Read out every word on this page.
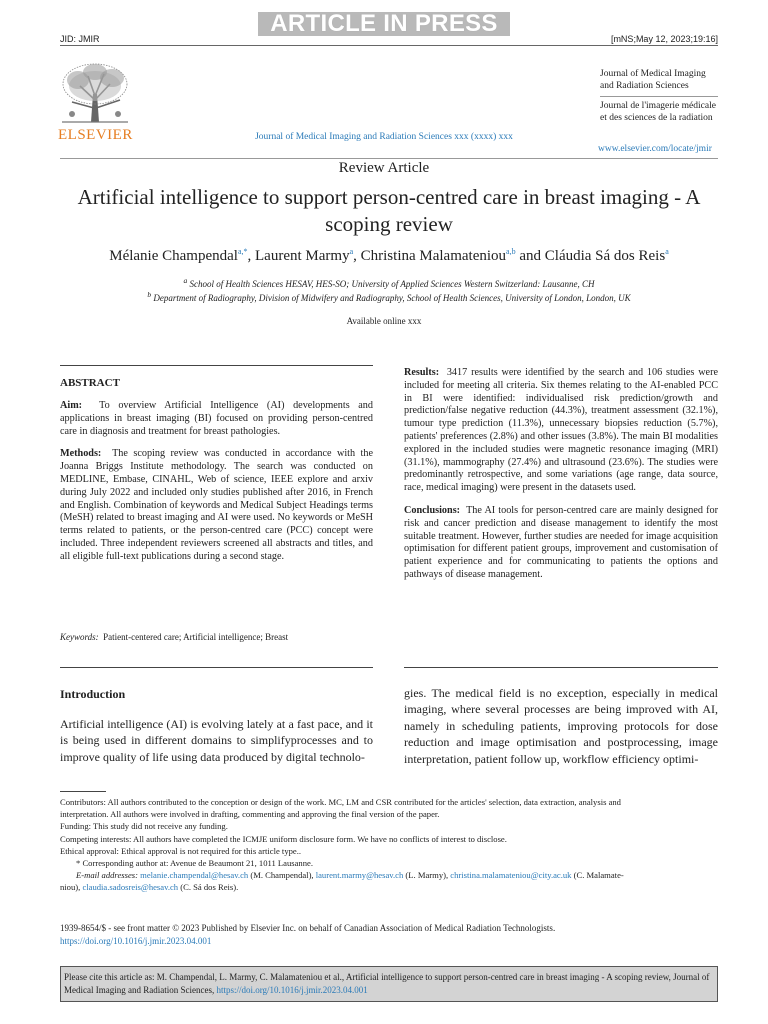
ARTICLE IN PRESS
JID: JMIR	[mNS;May 12, 2023;19:16]
ELSEVIER	Journal of Medical Imaging and Radiation Sciences xxx (xxxx) xxx
Journal of Medical Imaging and Radiation Sciences
Journal de l'imagerie médicale et des sciences de la radiation
www.elsevier.com/locate/jmir
Review Article
Artificial intelligence to support person-centred care in breast imaging - A scoping review
Mélanie Champendal$^{a,*}$, Laurent Marmy$^a$, Christina Malamateniou$^{a,b}$ and Cláudia Sá dos Reis$^a$
$^a$ School of Health Sciences HESAV, HES-SO; University of Applied Sciences Western Switzerland: Lausanne, CH
$^b$ Department of Radiography, Division of Midwifery and Radiography, School of Health Sciences, University of London, London, UK
Available online xxx
ABSTRACT

Aim: To overview Artificial Intelligence (AI) developments and applications in breast imaging (BI) focused on providing person-centred care in diagnosis and treatment for breast pathologies.

Methods: The scoping review was conducted in accordance with the Joanna Briggs Institute methodology. The search was conducted on MEDLINE, Embase, CINAHL, Web of science, IEEE explore and arxiv during July 2022 and included only studies published after 2016, in French and English. Combination of keywords and Medical Subject Headings terms (MeSH) related to breast imaging and AI were used. No keywords or MeSH terms related to patients, or the person-centred care (PCC) concept were included. Three independent reviewers screened all abstracts and titles, and all eligible full-text publications during a second stage.

Results: 3417 results were identified by the search and 106 studies were included for meeting all criteria. Six themes relating to the AI-enabled PCC in BI were identified: individualised risk prediction/growth and prediction/false negative reduction (44.3%), treatment assessment (32.1%), tumour type prediction (11.3%), unnecessary biopsies reduction (5.7%), patients' preferences (2.8%) and other issues (3.8%). The main BI modalities explored in the included studies were magnetic resonance imaging (MRI) (31.1%), mammography (27.4%) and ultrasound (23.6%). The studies were predominantly retrospective, and some variations (age range, data source, race, medical imaging) were present in the datasets used.

Conclusions: The AI tools for person-centred care are mainly designed for risk and cancer prediction and disease management to identify the most suitable treatment. However, further studies are needed for image acquisition optimisation for different patient groups, improvement and customisation of patient experience and for communicating to patients the options and pathways of disease management.

Keywords: Patient-centered care; Artificial intelligence; Breast
Introduction
Artificial intelligence (AI) is evolving lately at a fast pace, and it is being used in different domains to simplifyprocesses and to improve quality of life using data produced by digital technolo-
gies. The medical field is no exception, especially in medical imaging, where several processes are being improved with AI, namely in scheduling patients, improving protocols for dose reduction and image optimisation and postprocessing, image interpretation, patient follow up, workflow efficiency optimi-
Contributors: All authors contributed to the conception or design of the work. MC, LM and CSR contributed for the articles' selection, data extraction, analysis and
interpretation. All authors were involved in drafting, commenting and approving the final version of the paper.
Funding: This study did not receive any funding.
Competing interests: All authors have completed the ICMJE uniform disclosure form. We have no conflicts of interest to disclose.
Ethical approval: Ethical approval is not required for this article type..
* Corresponding author at: Avenue de Beaumont 21, 1011 Lausanne.
E-mail addresses: melanie.champendal@hesav.ch (M. Champendal), laurent.marmy@hesav.ch (L. Marmy), christina.malamateniou@city.ac.uk (C. Malamate-
niou), claudia.sadosreis@hesav.ch (C. Sá dos Reis).
1939-8654/$ - see front matter © 2023 Published by Elsevier Inc. on behalf of Canadian Association of Medical Radiation Technologists.
https://doi.org/10.1016/j.jmir.2023.04.001
Please cite this article as: M. Champendal, L. Marmy, C. Malamateniou et al., Artificial intelligence to support person-centred care in breast imaging - A scoping review, Journal of Medical Imaging and Radiation Sciences, https://doi.org/10.1016/j.jmir.2023.04.001
